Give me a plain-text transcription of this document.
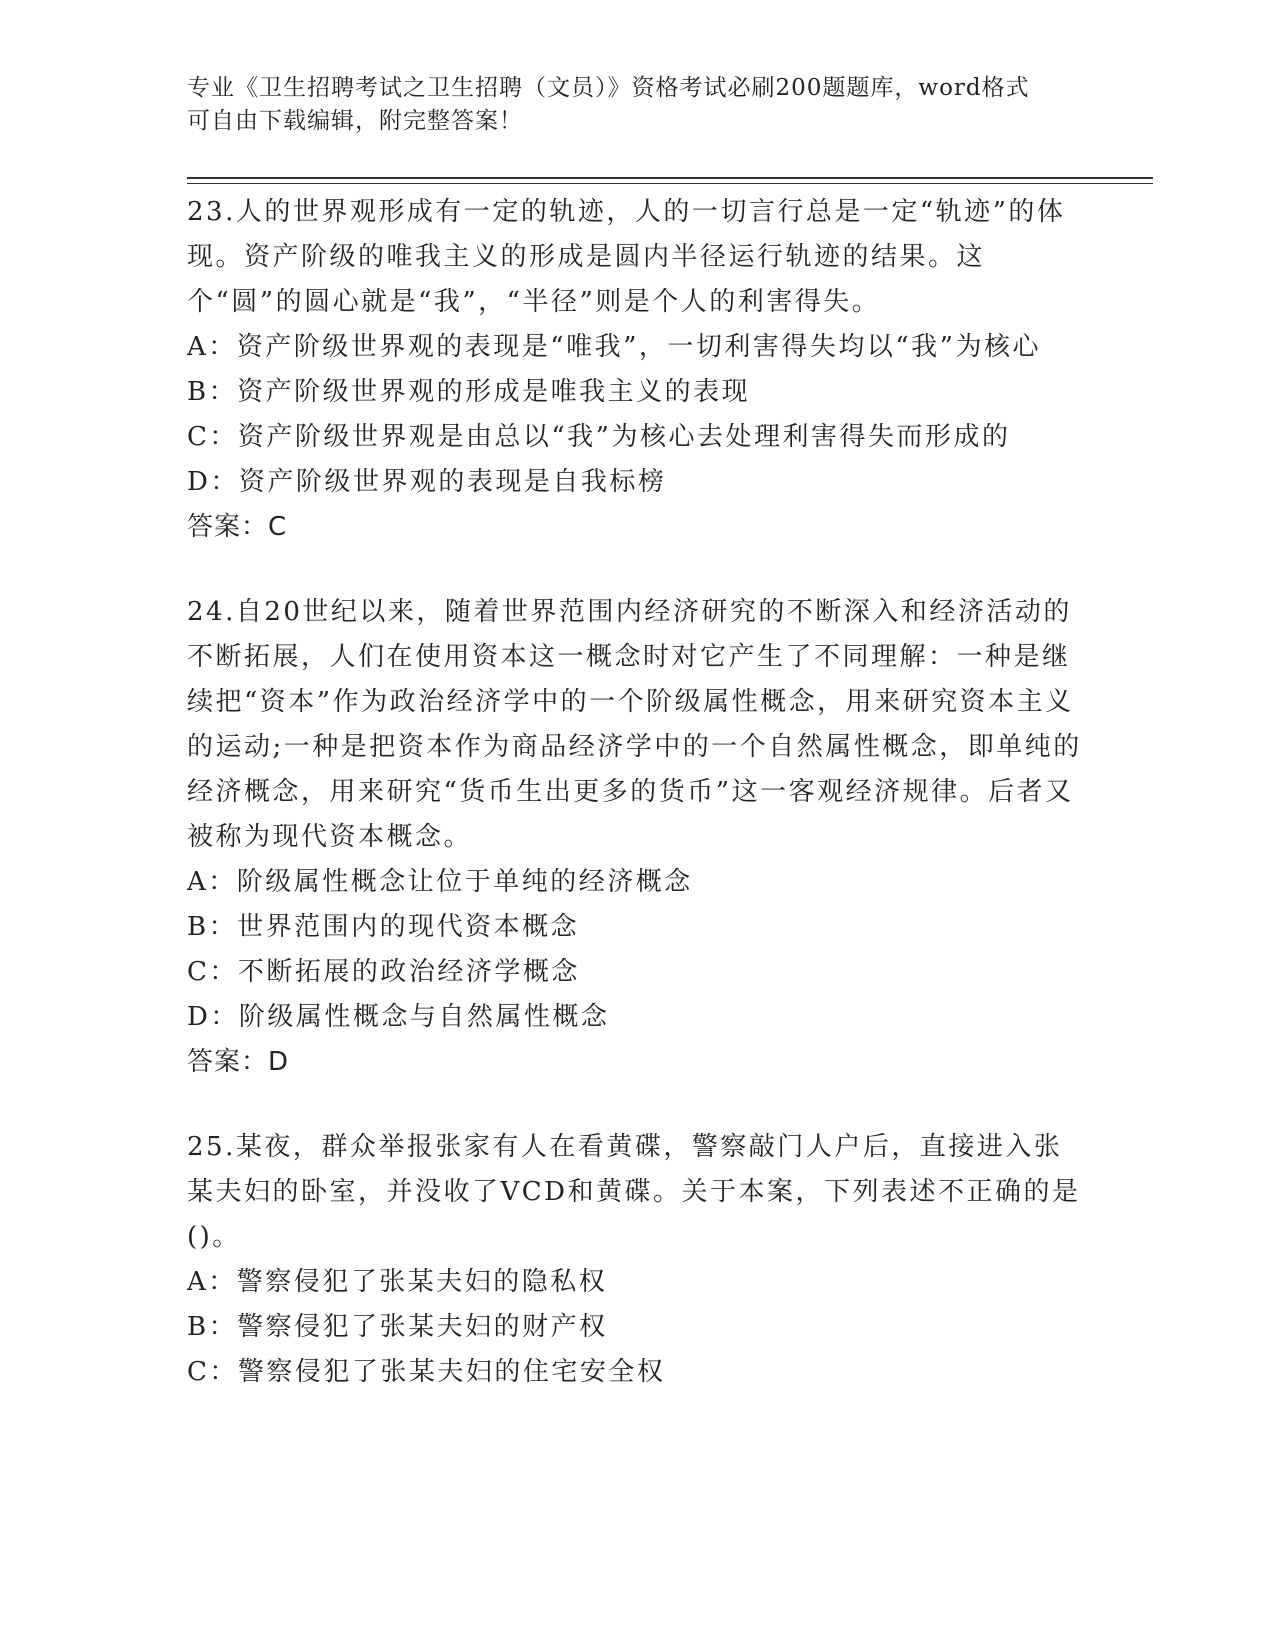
专业《卫生招聘考试之卫生招聘（文员）》资格考试必刷200题题库，word格式
可自由下载编辑，附完整答案！

23.人的世界观形成有一定的轨迹，人的一切言行总是一定“轨迹”的体现。资产阶级的唯我主义的形成是圆内半径运行轨迹的结果。这个“圆”的圆心就是“我”，“半径”则是个人的利害得失。

A：资产阶级世界观的表现是“唯我”，一切利害得失均以“我”为核心

B：资产阶级世界观的形成是唯我主义的表现

C：资产阶级世界观是由总以“我”为核心去处理利害得失而形成的

D：资产阶级世界观的表现是自我标榜

答案：C

24.自20世纪以来，随着世界范围内经济研究的不断深入和经济活动的不断拓展，人们在使用资本这一概念时对它产生了不同理解：一种是继续把“资本”作为政治经济学中的一个阶级属性概念，用来研究资本主义的运动;一种是把资本作为商品经济学中的一个自然属性概念，即单纯的经济概念，用来研究“货币生出更多的货币”这一客观经济规律。后者又被称为现代资本概念。

A：阶级属性概念让位于单纯的经济概念

B：世界范围内的现代资本概念

C：不断拓展的政治经济学概念

D：阶级属性概念与自然属性概念

答案：D

25.某夜，群众举报张家有人在看黄碟，警察敲门人户后，直接进入张某夫妇的卧室，并没收了VCD和黄碟。关于本案，下列表述不正确的是()。

A：警察侵犯了张某夫妇的隐私权

B：警察侵犯了张某夫妇的财产权

C：警察侵犯了张某夫妇的住宅安全权
